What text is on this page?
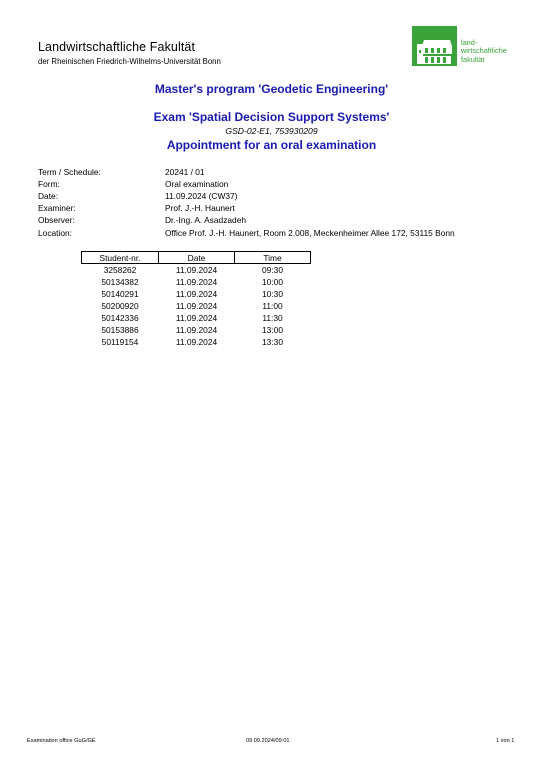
Landwirtschaftliche Fakultät
der Rheinischen Friedrich-Wilhelms-Universität Bonn
land-
wirtschaftliche
fakultät
Master's program 'Geodetic Engineering'
Exam 'Spatial Decision Support Systems'
GSD-02-E1, 753930209
Appointment for an oral examination
Term / Schedule:	20241 / 01
Form:	Oral examination
Date:	11.09.2024 (CW37)
Examiner:	Prof. J.-H. Haunert
Observer:	Dr.-Ing. A. Asadzadeh
Location:	Office Prof. J.-H. Haunert, Room 2.008, Meckenheimer Allee 172, 53115 Bonn
Student-nr.	Date	Time
3258262	11.09.2024	09:30
50134382	11.09.2024	10:00
50140291	11.09.2024	10:30
50200920	11.09.2024	11:00
50142336	11.09.2024	11:30
50153886	11.09.2024	13:00
50119154	11.09.2024	13:30
Examination office GuG/GE	09.09.2024/09:01	1 von 1
